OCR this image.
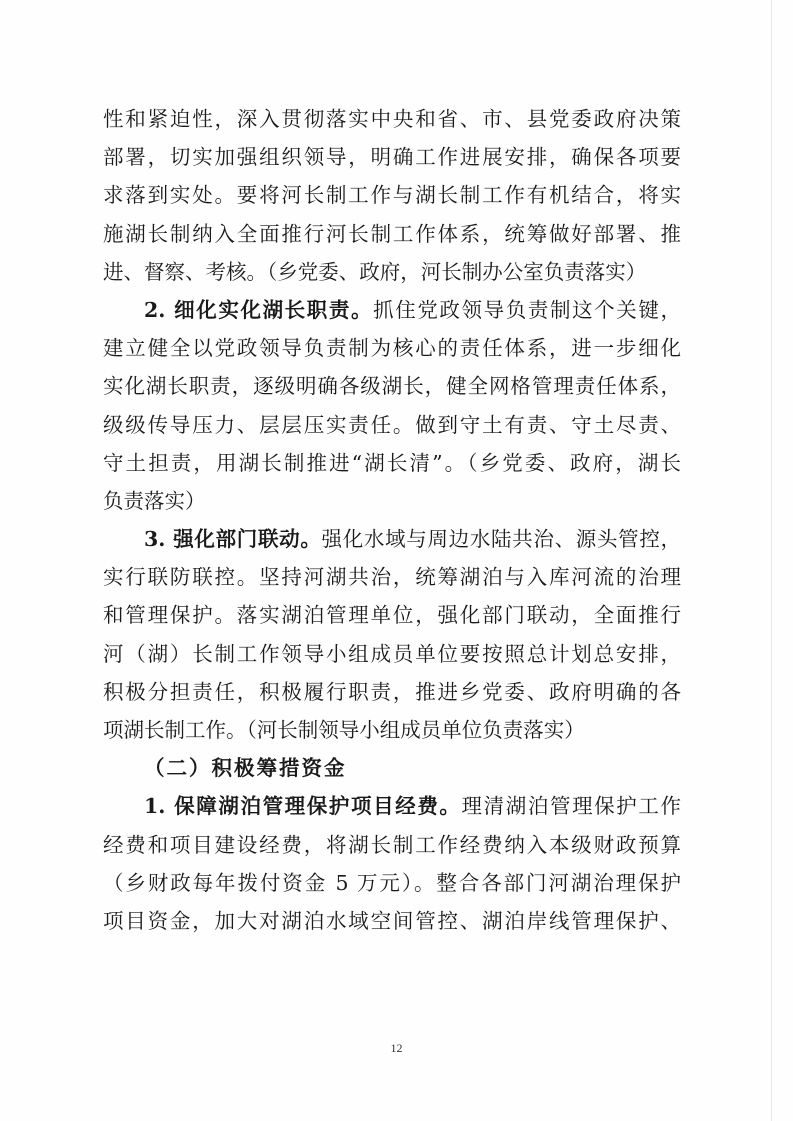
性和紧迫性，深入贯彻落实中央和省、市、县党委政府决策
部署，切实加强组织领导，明确工作进展安排，确保各项要
求落到实处。要将河长制工作与湖长制工作有机结合，将实
施湖长制纳入全面推行河长制工作体系，统筹做好部署、推
进、督察、考核。（乡党委、政府，河长制办公室负责落实）
2. 细化实化湖长职责。抓住党政领导负责制这个关键，
建立健全以党政领导负责制为核心的责任体系，进一步细化
实化湖长职责，逐级明确各级湖长，健全网格管理责任体系，
级级传导压力、层层压实责任。做到守土有责、守土尽责、
守土担责，用湖长制推进“湖长清”。（乡党委、政府，湖长
负责落实）
3. 强化部门联动。强化水域与周边水陆共治、源头管控，
实行联防联控。坚持河湖共治，统筹湖泊与入库河流的治理
和管理保护。落实湖泊管理单位，强化部门联动，全面推行
河（湖）长制工作领导小组成员单位要按照总计划总安排，
积极分担责任，积极履行职责，推进乡党委、政府明确的各
项湖长制工作。（河长制领导小组成员单位负责落实）
（二）积极筹措资金
1. 保障湖泊管理保护项目经费。理清湖泊管理保护工作
经费和项目建设经费，将湖长制工作经费纳入本级财政预算
（乡财政每年拨付资金 5 万元）。整合各部门河湖治理保护
项目资金，加大对湖泊水域空间管控、湖泊岸线管理保护、
12
